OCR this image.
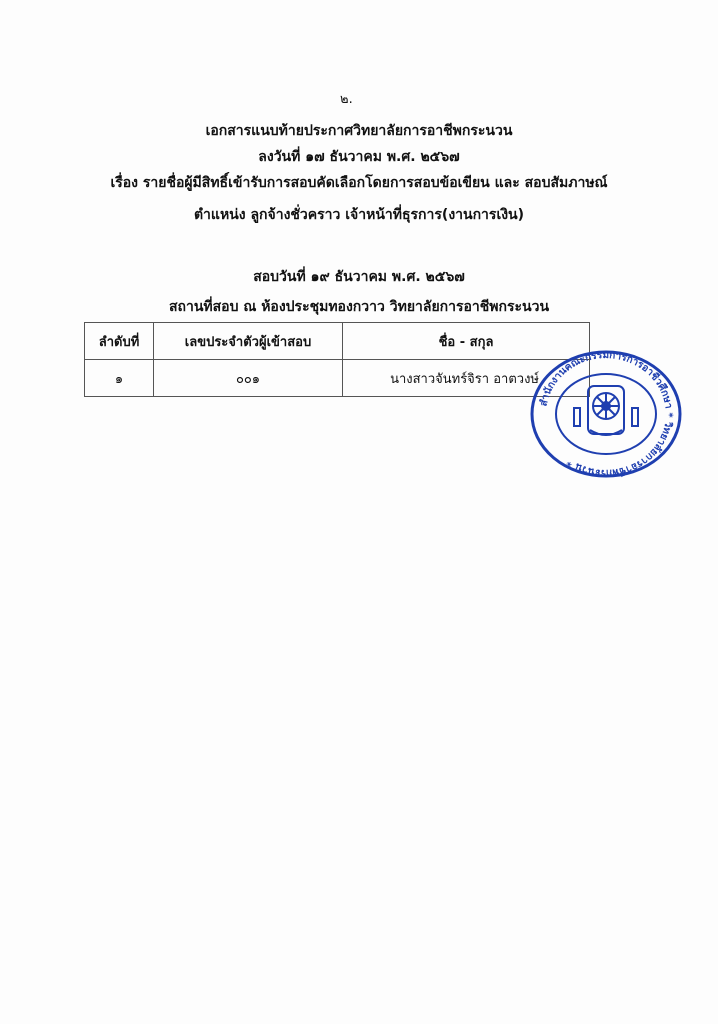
๒.
เอกสารแนบท้ายประกาศวิทยาลัยการอาชีพกระนวน
ลงวันที่ ๑๗ ธันวาคม พ.ศ. ๒๕๖๗
เรื่อง รายชื่อผู้มีสิทธิ์เข้ารับการสอบคัดเลือกโดยการสอบข้อเขียน และ สอบสัมภาษณ์
ตำแหน่ง ลูกจ้างชั่วคราว เจ้าหน้าที่ธุรการ(งานการเงิน)
สอบวันที่ ๑๙ ธันวาคม พ.ศ. ๒๕๖๗
สถานที่สอบ ณ ห้องประชุมทองกวาว วิทยาลัยการอาชีพกระนวน
ลำดับที่	เลขประจำตัวผู้เข้าสอบ	ชื่อ - สกุล
๑	๐๐๑	นางสาวจันทร์จิรา อาตวงษ์
สำนักงานคณะกรรมการการอาชีวศึกษา * วิทยาลัยการอาชีพกระนวน *
